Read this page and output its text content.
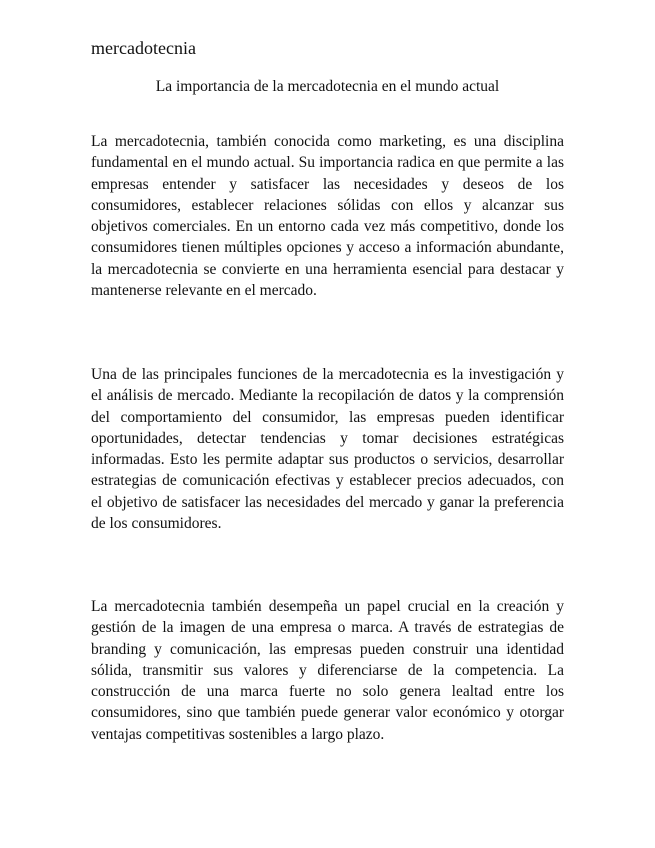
mercadotecnia
La importancia de la mercadotecnia en el mundo actual

La mercadotecnia, también conocida como marketing, es una disciplina fundamental en el mundo actual. Su importancia radica en que permite a las empresas entender y satisfacer las necesidades y deseos de los consumidores, establecer relaciones sólidas con ellos y alcanzar sus objetivos comerciales. En un entorno cada vez más competitivo, donde los consumidores tienen múltiples opciones y acceso a información abundante, la mercadotecnia se convierte en una herramienta esencial para destacar y mantenerse relevante en el mercado.

Una de las principales funciones de la mercadotecnia es la investigación y el análisis de mercado. Mediante la recopilación de datos y la comprensión del comportamiento del consumidor, las empresas pueden identificar oportunidades, detectar tendencias y tomar decisiones estratégicas informadas. Esto les permite adaptar sus productos o servicios, desarrollar estrategias de comunicación efectivas y establecer precios adecuados, con el objetivo de satisfacer las necesidades del mercado y ganar la preferencia de los consumidores.

La mercadotecnia también desempeña un papel crucial en la creación y gestión de la imagen de una empresa o marca. A través de estrategias de branding y comunicación, las empresas pueden construir una identidad sólida, transmitir sus valores y diferenciarse de la competencia. La construcción de una marca fuerte no solo genera lealtad entre los consumidores, sino que también puede generar valor económico y otorgar ventajas competitivas sostenibles a largo plazo.
